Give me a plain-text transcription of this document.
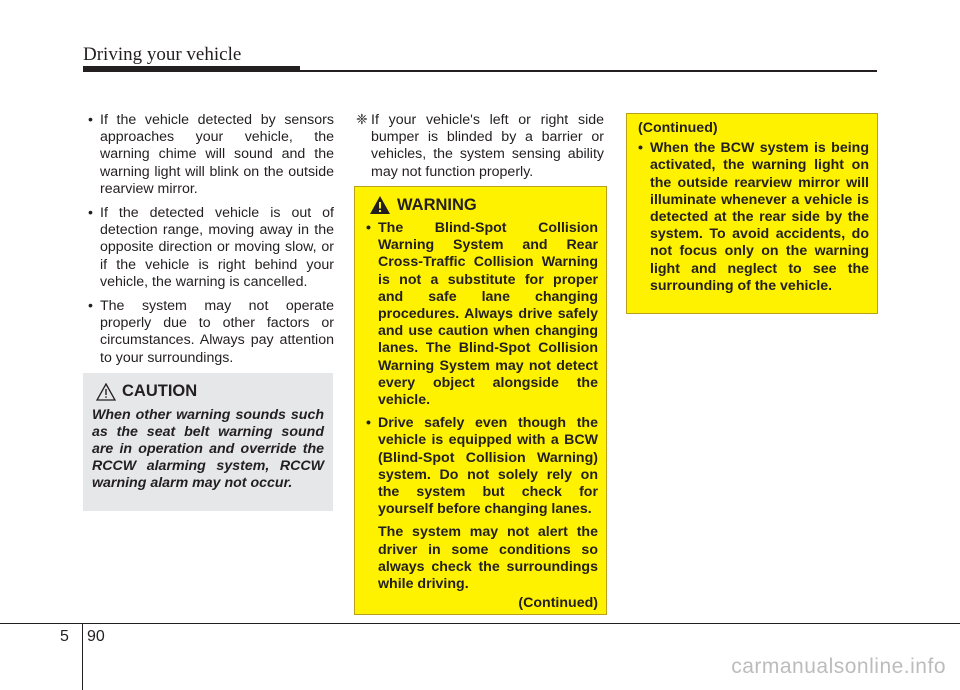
Driving your vehicle
• If the vehicle detected by sensors approaches your vehicle, the warning chime will sound and the warning light will blink on the outside rearview mirror.
• If the detected vehicle is out of detection range, moving away in the opposite direction or moving slow, or if the vehicle is right behind your vehicle, the warning is cancelled.
• The system may not operate properly due to other factors or circumstances. Always pay attention to your surroundings.
CAUTION
When other warning sounds such as the seat belt warning sound are in operation and override the RCCW alarming system, RCCW warning alarm may not occur.
❈ If your vehicle's left or right side bumper is blinded by a barrier or vehicles, the system sensing ability may not function properly.
WARNING
• The Blind-Spot Collision Warning System and Rear Cross-Traffic Collision Warning is not a substitute for proper and safe lane changing procedures. Always drive safely and use caution when changing lanes. The Blind-Spot Collision Warning System may not detect every object alongside the vehicle.
• Drive safely even though the vehicle is equipped with a BCW (Blind-Spot Collision Warning) system. Do not solely rely on the system but check for yourself before changing lanes.

The system may not alert the driver in some conditions so always check the surroundings while driving.

(Continued)
(Continued)
• When the BCW system is being activated, the warning light on the outside rearview mirror will illuminate whenever a vehicle is detected at the rear side by the system. To avoid accidents, do not focus only on the warning light and neglect to see the surrounding of the vehicle.
5 90
carmanualsonline.info
